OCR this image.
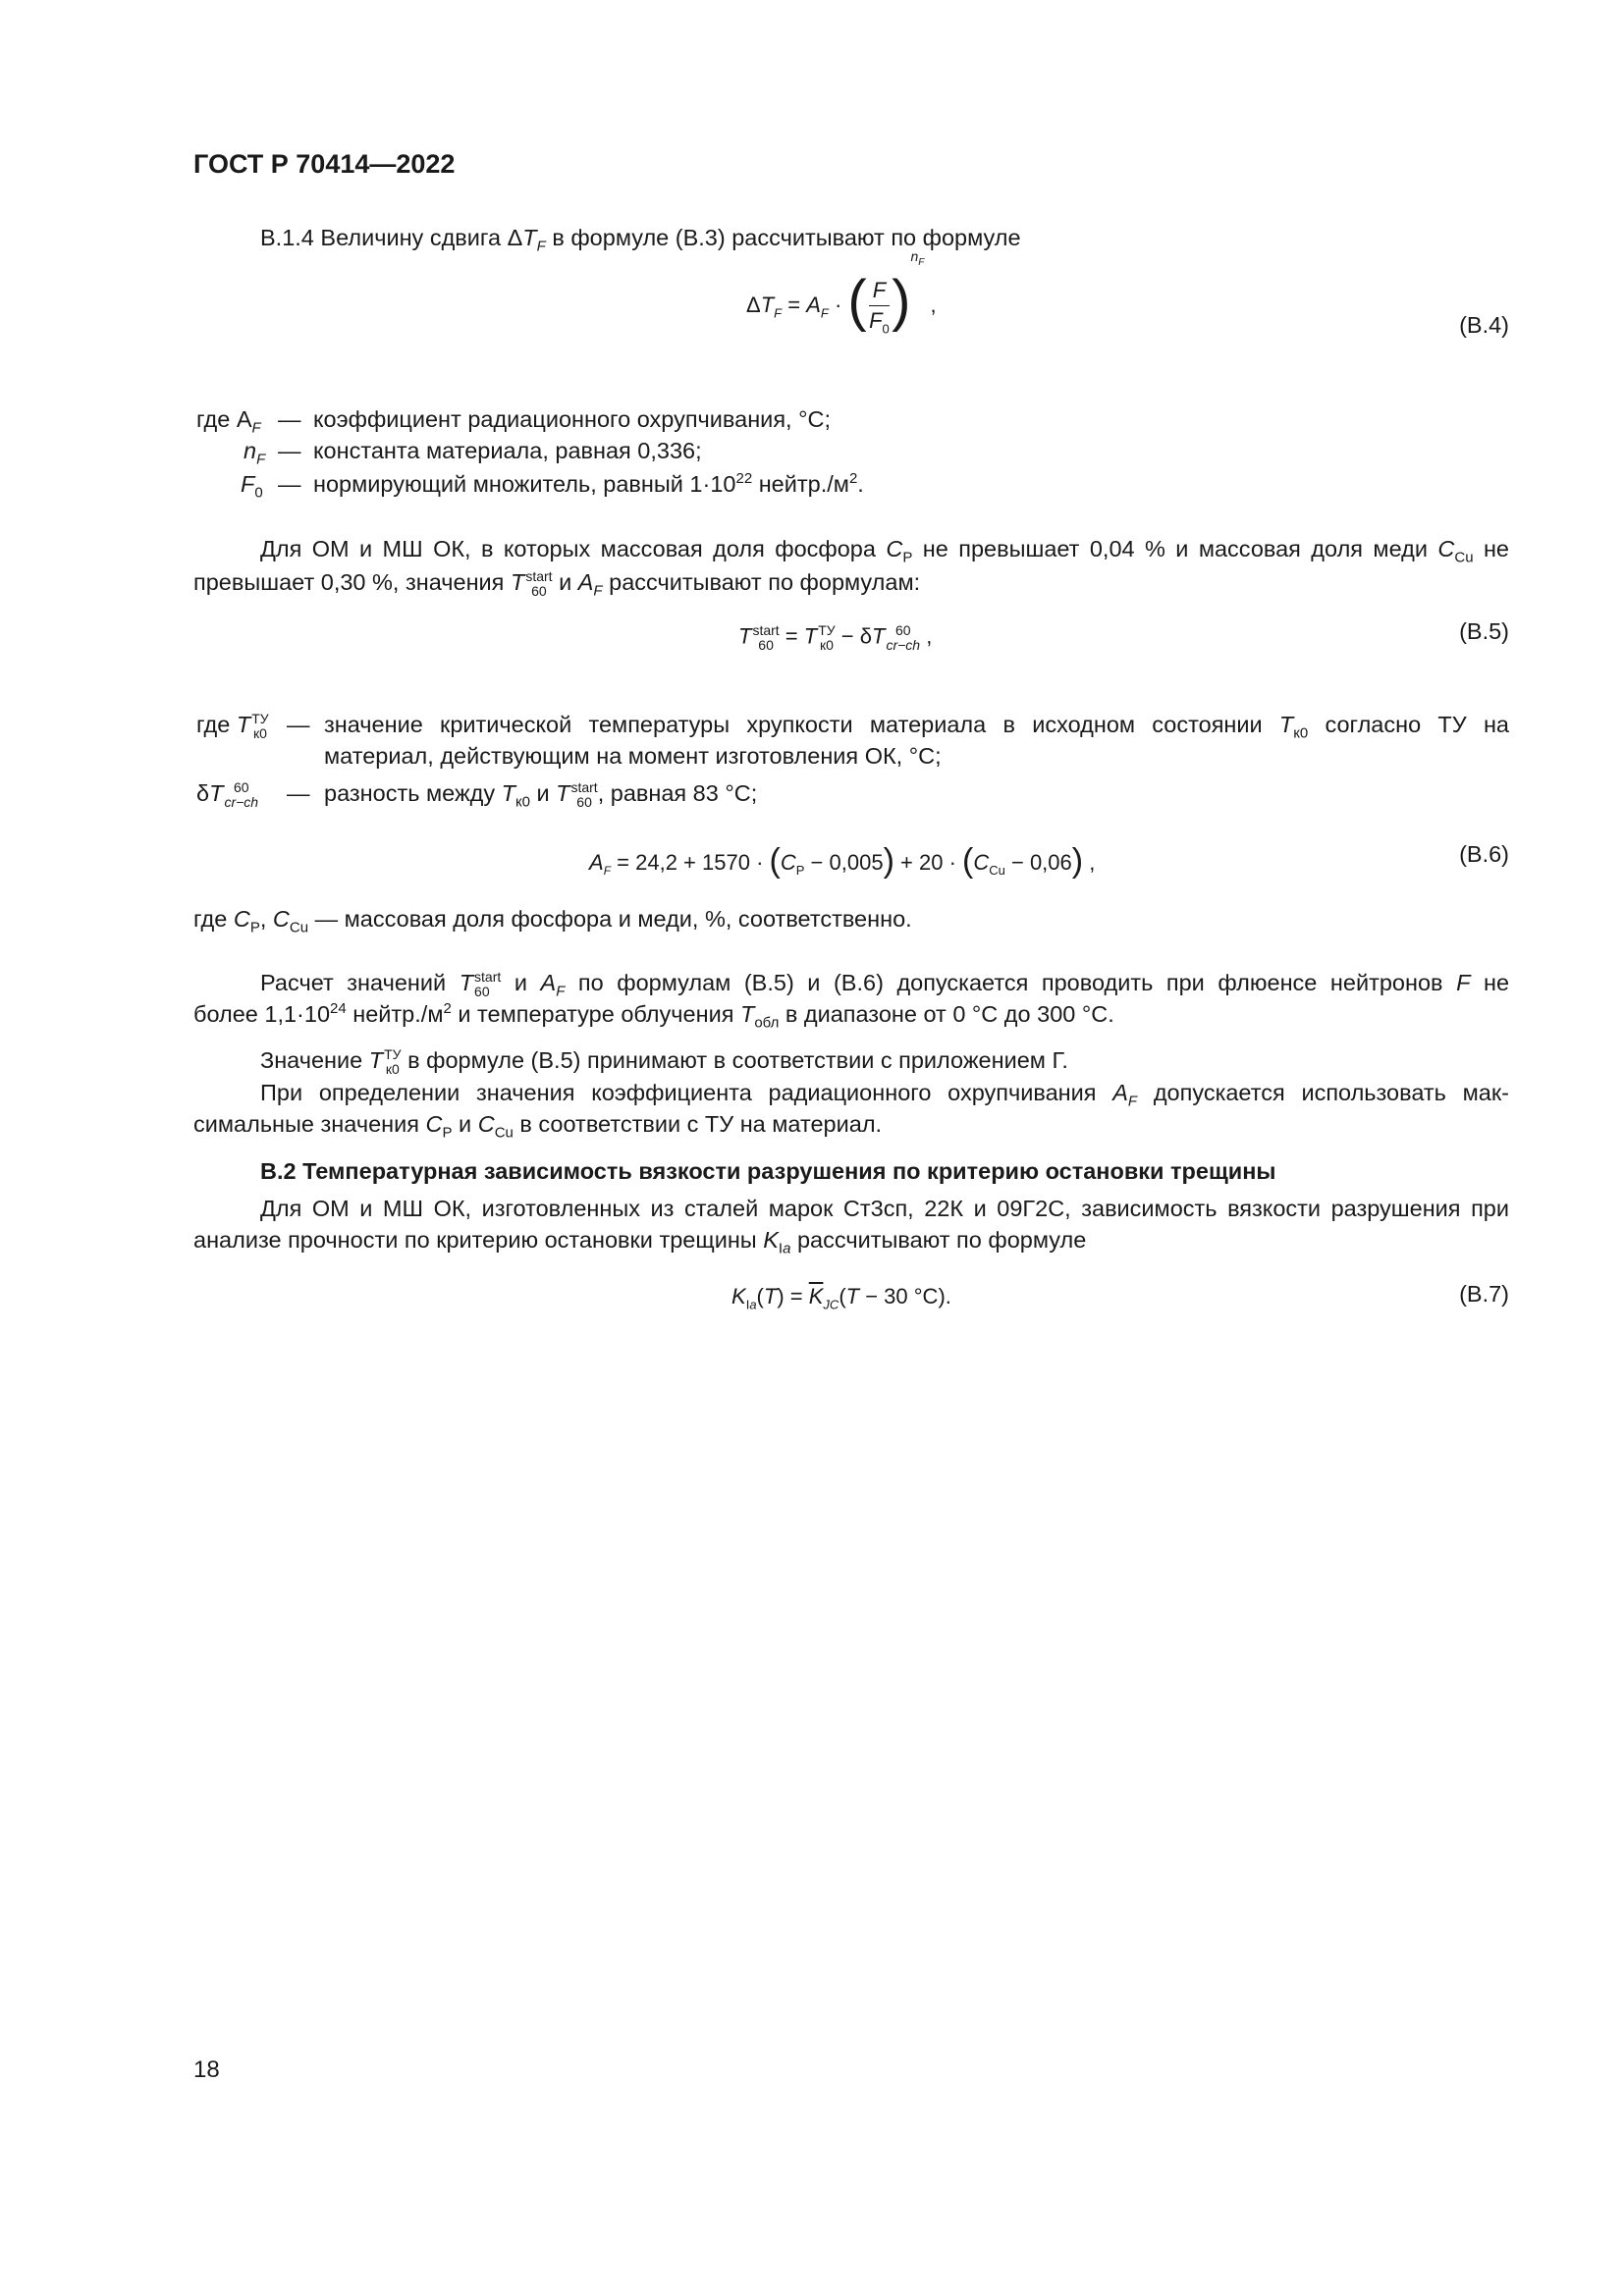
ГОСТ Р 70414—2022
В.1.4 Величину сдвига $\Delta T_F$ в формуле (В.3) рассчитывают по формуле
$\Delta T_F = A_F$ · ( $\frac{F}{F_0} )^{n_F}$ ,
(В.4)
где $А_F$ — коэффициент радиационного охрупчивания, °С;
$n_F$ — константа материала, равная 0,336;
$F_0$ — нормирующий множитель, равный $1\cdot 10^{22}$ $нейтр./м^2$.
Для ОМ и МШ ОК, в которых массовая доля фосфора $C_P$ не превышает 0,04 % и массовая доля меди $C_{Cu}$ не
превышает 0,30 %, значения T start
60 и $A_F$ рассчитывают по формулам:
T start
60 = T ТУ
к0 − δT 60
cr−ch ,	(В.5)
где T ТУ
к0 — значение критической температуры хрупкости материала в исходном состоянии $T_{к0}$ согласно ТУ на
материал, действующим на момент изготовления ОК, °С;
δT 60
cr−ch — разность между $T_{к0}$ и T start
60 , равная 83 °С;
$A_F = 24,2 + 1570 \cdot (C_P - 0,005) + 20 \cdot (C_{Cu} - 0,06)$ ,	(В.6)
где $C_P$, $C_{Cu}$ — массовая доля фосфора и меди, %, соответственно.
Расчет значений T start
60 и $A_F$ по формулам (В.5) и (В.6) допускается проводить при флюенсе нейтронов F не
более $1,1\cdot 10^{24}$ $нейтр./м^2$ и температуре облучения $T_{обл}$ в диапазоне от 0 °С до 300 °С.
Значение T ТУ
к0 в формуле (В.5) принимают в соответствии с приложением Г.
При определении значения коэффициента радиационного охрупчивания $A_F$ допускается использовать мак-
симальные значения $C_P$ и $C_{Cu}$ в соответствии с ТУ на материал.
В.2 Температурная зависимость вязкости разрушения по критерию остановки трещины
Для ОМ и МШ ОК, изготовленных из сталей марок Ст3сп, 22К и 09Г2С, зависимость вязкости разрушения при
анализе прочности по критерию остановки трещины $K_{Ia}$ рассчитывают по формуле
$K_{Ia}(T) = \overline{K}_{JC}(T - 30$ °С).	(В.7)
18
